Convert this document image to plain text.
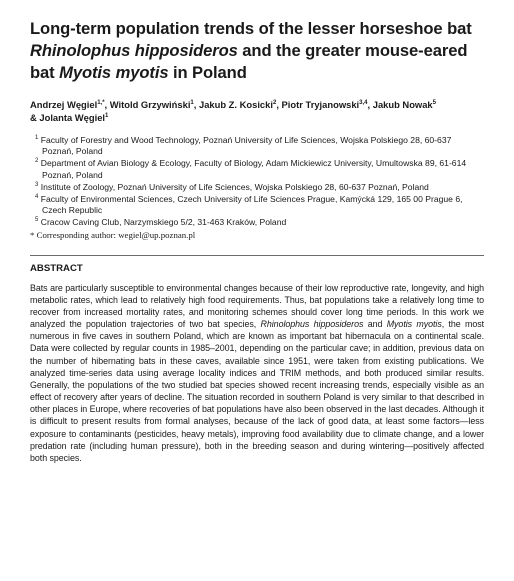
Long-term population trends of the lesser horseshoe bat Rhinolophus hipposideros and the greater mouse-eared bat Myotis myotis in Poland
Andrzej Węgiel$^{1,*}$, Witold Grzywiński$^1$, Jakub Z. Kosicki$^2$, Piotr Tryjanowski$^{3,4}$, Jakub Nowak$^5$
& Jolanta Węgiel$^1$
$^1$ Faculty of Forestry and Wood Technology, Poznań University of Life Sciences, Wojska Polskiego 28, 60-637 Poznań, Poland
$^2$ Department of Avian Biology & Ecology, Faculty of Biology, Adam Mickiewicz University, Umultowska 89, 61-614 Poznań, Poland
$^3$ Institute of Zoology, Poznań University of Life Sciences, Wojska Polskiego 28, 60-637 Poznań, Poland
$^4$ Faculty of Environmental Sciences, Czech University of Life Sciences Prague, Kamýcká 129, 165 00 Prague 6, Czech Republic
$^5$ Cracow Caving Club, Narzymskiego 5/2, 31-463 Kraków, Poland
* Corresponding author: wegiel@up.poznan.pl
ABSTRACT
Bats are particularly susceptible to environmental changes because of their low reproductive rate, longevity, and high metabolic rates, which lead to relatively high food requirements. Thus, bat populations take a relatively long time to recover from increased mortality rates, and monitoring schemes should cover long time periods. In this work we analyzed the population trajectories of two bat species, Rhinolophus hipposideros and Myotis myotis, the most numerous in five caves in southern Poland, which are known as important bat hibernacula on a continental scale. Data were collected by regular counts in 1985–2001, depending on the particular cave; in addition, previous data on the number of hibernating bats in these caves, available since 1951, were taken from existing publications. We analyzed time-series data using average locality indices and TRIM methods, and both produced similar results. Generally, the populations of the two studied bat species showed recent increasing trends, especially visible as an effect of recovery after years of decline. The situation recorded in southern Poland is very similar to that described in other places in Europe, where recoveries of bat populations have also been observed in the last decades. Although it is difficult to present results from formal analyses, because of the lack of good data, at least some factors—less exposure to contaminants (pesticides, heavy metals), improving food availability due to climate change, and a lower predation rate (including human pressure), both in the breeding season and during wintering—positively affected both species.
